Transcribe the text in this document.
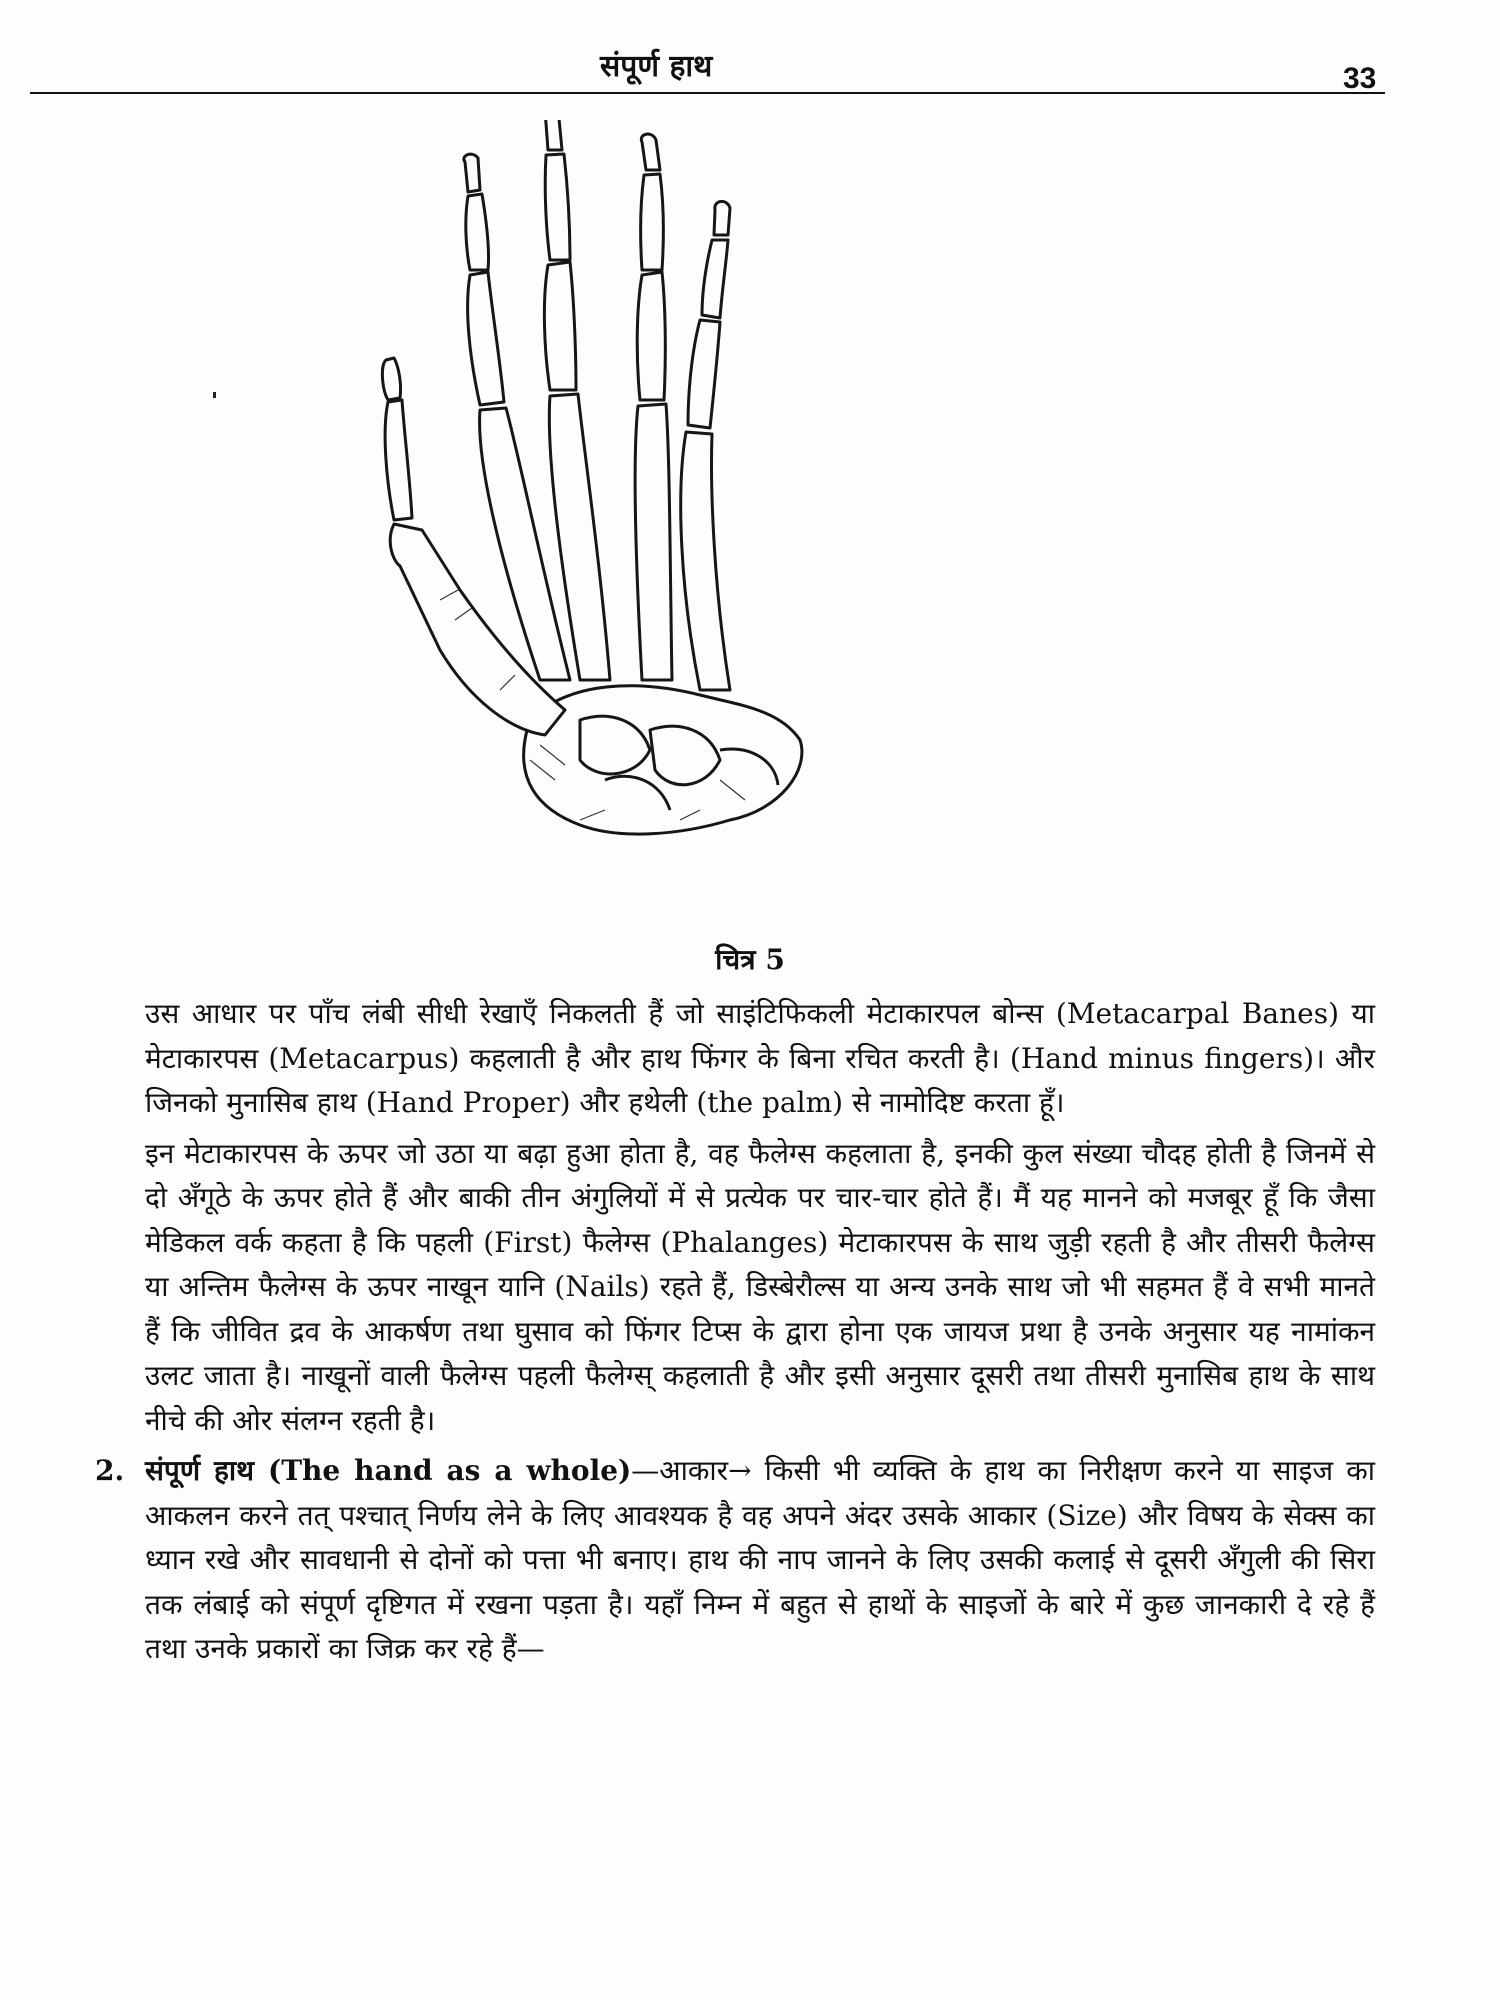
संपूर्ण हाथ	33
चित्र 5

उस आधार पर पाँच लंबी सीधी रेखाएँ निकलती हैं जो साइंटिफिकली मेटाकारपल बोन्स (Metacarpal Banes) या मेटाकारपस (Metacarpus) कहलाती है और हाथ फिंगर के बिना रचित करती है। (Hand minus fingers)। और जिनको मुनासिब हाथ (Hand Proper) और हथेली (the palm) से नामोदिष्ट करता हूँ।

इन मेटाकारपस के ऊपर जो उठा या बढ़ा हुआ होता है, वह फैलेग्स कहलाता है, इनकी कुल संख्या चौदह होती है जिनमें से दो अँगूठे के ऊपर होते हैं और बाकी तीन अंगुलियों में से प्रत्येक पर चार-चार होते हैं। मैं यह मानने को मजबूर हूँ कि जैसा मेडिकल वर्क कहता है कि पहली (First) फैलेग्स (Phalanges) मेटाकारपस के साथ जुड़ी रहती है और तीसरी फैलेग्स या अन्तिम फैलेग्स के ऊपर नाखून यानि (Nails) रहते हैं, डिस्बेरौल्स या अन्य उनके साथ जो भी सहमत हैं वे सभी मानते हैं कि जीवित द्रव के आकर्षण तथा घुसाव को फिंगर टिप्स के द्वारा होना एक जायज प्रथा है उनके अनुसार यह नामांकन उलट जाता है। नाखूनों वाली फैलेग्स पहली फैलेग्स् कहलाती है और इसी अनुसार दूसरी तथा तीसरी मुनासिब हाथ के साथ नीचे की ओर संलग्न रहती है।

2. संपूर्ण हाथ (The hand as a whole)—आकार→ किसी भी व्यक्ति के हाथ का निरीक्षण करने या साइज का आकलन करने तत् पश्चात् निर्णय लेने के लिए आवश्यक है वह अपने अंदर उसके आकार (Size) और विषय के सेक्स का ध्यान रखे और सावधानी से दोनों को पत्ता भी बनाए। हाथ की नाप जानने के लिए उसकी कलाई से दूसरी अँगुली की सिरा तक लंबाई को संपूर्ण दृष्टिगत में रखना पड़ता है। यहाँ निम्न में बहुत से हाथों के साइजों के बारे में कुछ जानकारी दे रहे हैं तथा उनके प्रकारों का जिक्र कर रहे हैं—
